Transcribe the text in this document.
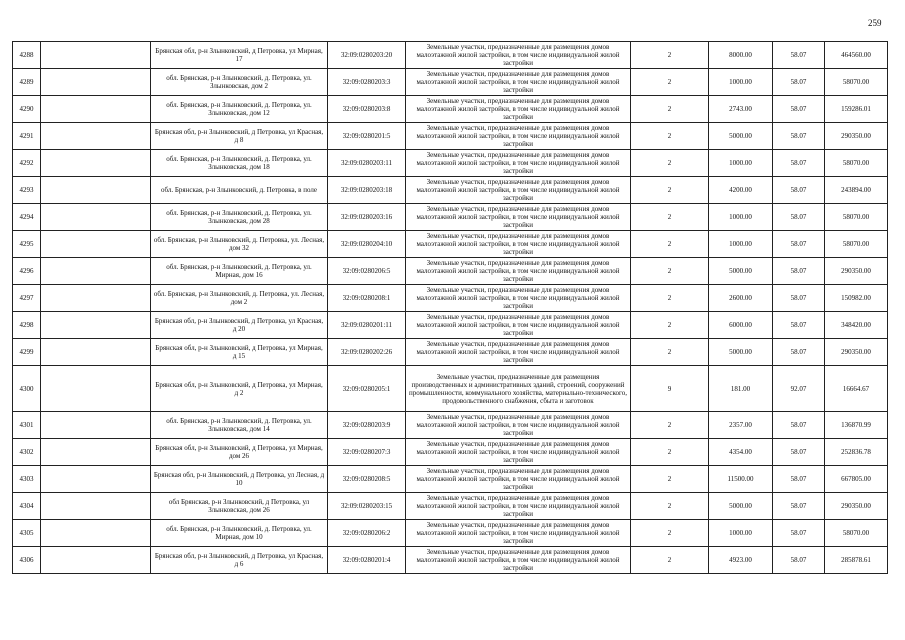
259
4288		Брянская обл, р-н Злынковский, д Петровка, ул Мирная, 17	32:09:0280203:20	Земельные участки, предназначенные для размещения домов малоэтажной жилой застройки, в том числе индивидуальной жилой застройки	2	8000.00	58.07	464560.00
4289		обл. Брянская, р-н Злынковский, д. Петровка, ул. Злынковская, дом 2	32:09:0280203:3	Земельные участки, предназначенные для размещения домов малоэтажной жилой застройки, в том числе индивидуальной жилой застройки	2	1000.00	58.07	58070.00
4290		обл. Брянская, р-н Злынковский, д. Петровка, ул. Злынковская, дом 12	32:09:0280203:8	Земельные участки, предназначенные для размещения домов малоэтажной жилой застройки, в том числе индивидуальной жилой застройки	2	2743.00	58.07	159286.01
4291		Брянская обл, р-н Злынковский, д Петровка, ул Красная, д 8	32:09:0280201:5	Земельные участки, предназначенные для размещения домов малоэтажной жилой застройки, в том числе индивидуальной жилой застройки	2	5000.00	58.07	290350.00
4292		обл. Брянская, р-н Злынковский, д. Петровка, ул. Злынковская, дом 18	32:09:0280203:11	Земельные участки, предназначенные для размещения домов малоэтажной жилой застройки, в том числе индивидуальной жилой застройки	2	1000.00	58.07	58070.00
4293		обл. Брянская, р-н Злынковский, д. Петровка, в поле	32:09:0280203:18	Земельные участки, предназначенные для размещения домов малоэтажной жилой застройки, в том числе индивидуальной жилой застройки	2	4200.00	58.07	243894.00
4294		обл. Брянская, р-н Злынковский, д. Петровка, ул. Злынковская, дом 28	32:09:0280203:16	Земельные участки, предназначенные для размещения домов малоэтажной жилой застройки, в том числе индивидуальной жилой застройки	2	1000.00	58.07	58070.00
4295		обл. Брянская, р-н Злынковский, д. Петровка, ул. Лесная, дом 32	32:09:0280204:10	Земельные участки, предназначенные для размещения домов малоэтажной жилой застройки, в том числе индивидуальной жилой застройки	2	1000.00	58.07	58070.00
4296		обл. Брянская, р-н Злынковский, д. Петровка, ул. Мирная, дом 16	32:09:0280206:5	Земельные участки, предназначенные для размещения домов малоэтажной жилой застройки, в том числе индивидуальной жилой застройки	2	5000.00	58.07	290350.00
4297		обл. Брянская, р-н Злынковский, д. Петровка, ул. Лесная, дом 2	32:09:0280208:1	Земельные участки, предназначенные для размещения домов малоэтажной жилой застройки, в том числе индивидуальной жилой застройки	2	2600.00	58.07	150982.00
4298		Брянская обл, р-н Злынковский, д Петровка, ул Красная, д 20	32:09:0280201:11	Земельные участки, предназначенные для размещения домов малоэтажной жилой застройки, в том числе индивидуальной жилой застройки	2	6000.00	58.07	348420.00
4299		Брянская обл, р-н Злынковский, д Петровка, ул Мирная, д 15	32:09:0280202:26	Земельные участки, предназначенные для размещения домов малоэтажной жилой застройки, в том числе индивидуальной жилой застройки	2	5000.00	58.07	290350.00
4300		Брянская обл, р-н Злынковский, д Петровка, ул Мирная, д 2	32:09:0280205:1	Земельные участки, предназначенные для размещения производственных и административных зданий, строений, сооружений промышленности, коммунального хозяйства, материально-технического, продовольственного снабжения, сбыта и заготовок	9	181.00	92.07	16664.67
4301		обл. Брянская, р-н Злынковский, д. Петровка, ул. Злынковская, дом 14	32:09:0280203:9	Земельные участки, предназначенные для размещения домов малоэтажной жилой застройки, в том числе индивидуальной жилой застройки	2	2357.00	58.07	136870.99
4302		Брянская обл, р-н Злынковский, д Петровка, ул Мирная, дом 26	32:09:0280207:3	Земельные участки, предназначенные для размещения домов малоэтажной жилой застройки, в том числе индивидуальной жилой застройки	2	4354.00	58.07	252836.78
4303		Брянская обл, р-н Злынковский, д Петровка, ул Лесная, д 10	32:09:0280208:5	Земельные участки, предназначенные для размещения домов малоэтажной жилой застройки, в том числе индивидуальной жилой застройки	2	11500.00	58.07	667805.00
4304		обл Брянская, р-н Злынковский, д Петровка, ул Злынковская, дом 26	32:09:0280203:15	Земельные участки, предназначенные для размещения домов малоэтажной жилой застройки, в том числе индивидуальной жилой застройки	2	5000.00	58.07	290350.00
4305		обл. Брянская, р-н Злынковский, д. Петровка, ул. Мирная, дом 10	32:09:0280206:2	Земельные участки, предназначенные для размещения домов малоэтажной жилой застройки, в том числе индивидуальной жилой застройки	2	1000.00	58.07	58070.00
4306		Брянская обл, р-н Злынковский, д Петровка, ул Красная, д 6	32:09:0280201:4	Земельные участки, предназначенные для размещения домов малоэтажной жилой застройки, в том числе индивидуальной жилой застройки	2	4923.00	58.07	285878.61
